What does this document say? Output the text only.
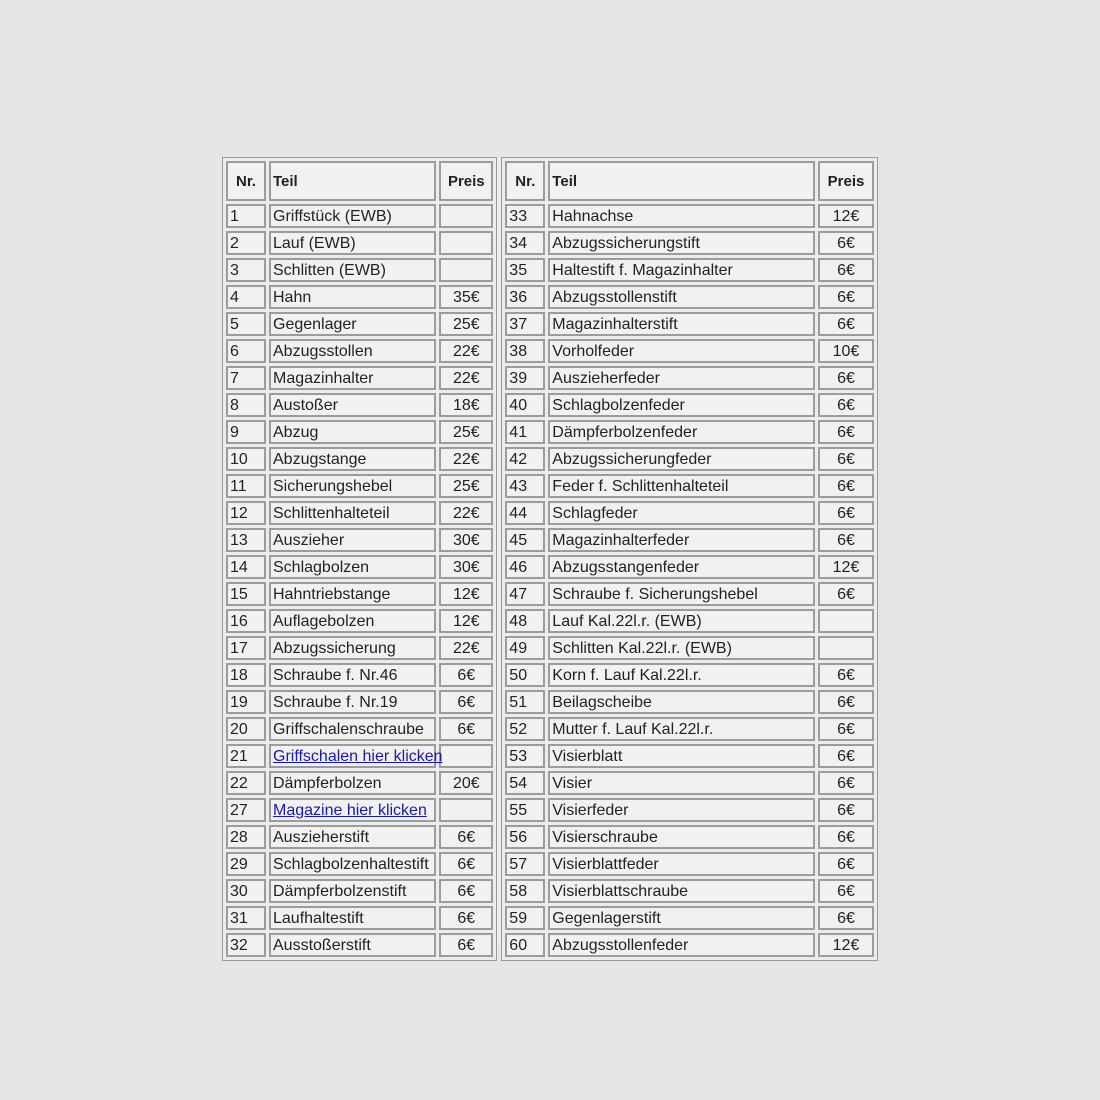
Nr.	Teil	Preis
1	Griffstück (EWB)	
2	Lauf (EWB)	
3	Schlitten (EWB)	
4	Hahn	35€
5	Gegenlager	25€
6	Abzugsstollen	22€
7	Magazinhalter	22€
8	Austoßer	18€
9	Abzug	25€
10	Abzugstange	22€
11	Sicherungshebel	25€
12	Schlittenhalteteil	22€
13	Auszieher	30€
14	Schlagbolzen	30€
15	Hahntriebstange	12€
16	Auflagebolzen	12€
17	Abzugssicherung	22€
18	Schraube f. Nr.46	6€
19	Schraube f. Nr.19	6€
20	Griffschalenschraube	6€
21	Griffschalen hier klicken	
22	Dämpferbolzen	20€
27	Magazine hier klicken	
28	Auszieherstift	6€
29	Schlagbolzenhaltestift	6€
30	Dämpferbolzenstift	6€
31	Laufhaltestift	6€
32	Ausstoßerstift	6€
Nr.	Teil	Preis
33	Hahnachse	12€
34	Abzugssicherungstift	6€
35	Haltestift f. Magazinhalter	6€
36	Abzugsstollenstift	6€
37	Magazinhalterstift	6€
38	Vorholfeder	10€
39	Ausziеherfeder	6€
40	Schlagbolzenfeder	6€
41	Dämpferbolzenfeder	6€
42	Abzugssicherungfeder	6€
43	Feder f. Schlittenhalteteil	6€
44	Schlagfeder	6€
45	Magazinhalterfeder	6€
46	Abzugsstangenfeder	12€
47	Schraube f. Sicherungshebel	6€
48	Lauf Kal.22l.r. (EWB)	
49	Schlitten Kal.22l.r. (EWB)	
50	Korn f. Lauf Kal.22l.r.	6€
51	Beilagscheibe	6€
52	Mutter f. Lauf Kal.22l.r.	6€
53	Visierblatt	6€
54	Visier	6€
55	Visierfeder	6€
56	Visierschraube	6€
57	Visierblattfeder	6€
58	Visierblattschraube	6€
59	Gegenlagerstift	6€
60	Abzugsstollenfeder	12€
